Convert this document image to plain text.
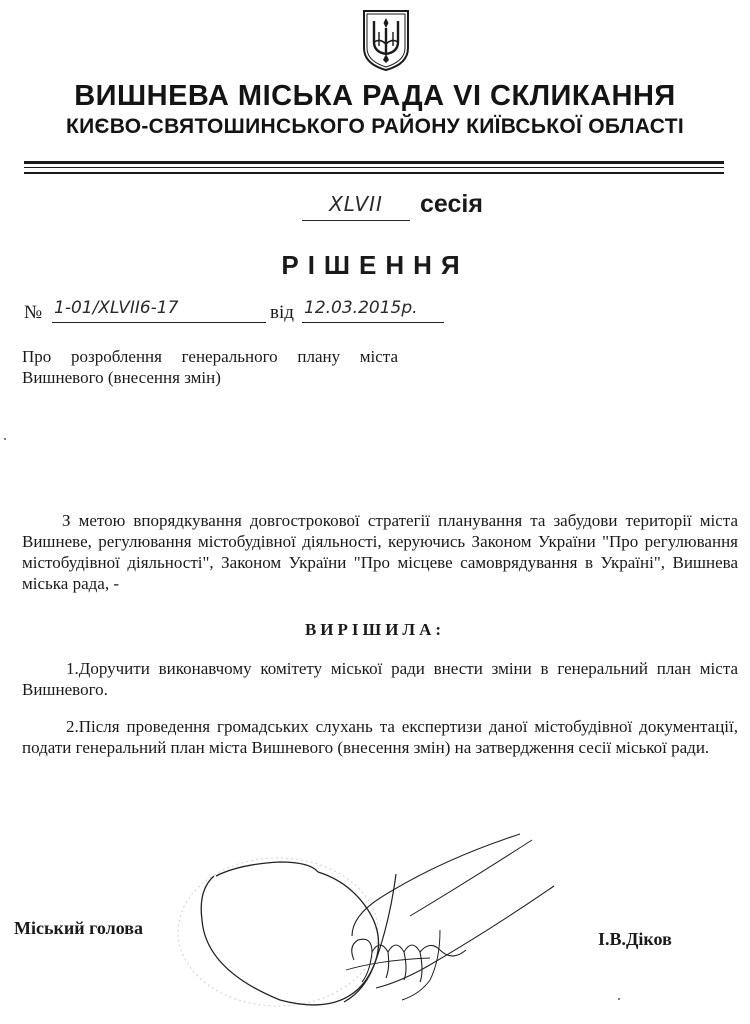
ВИШНЕВА МІСЬКА РАДА VI СКЛИКАННЯ
КИЄВО-СВЯТОШИНСЬКОГО РАЙОНУ КИЇВСЬКОЇ ОБЛАСТІ
XLVII	сесія
РІШЕННЯ
№ 1-01/XLVII6-17	від 12.03.2015р.
Про розроблення генерального плану міста Вишневого (внесення змін)
З метою впорядкування довгострокової стратегії планування та забудови території міста Вишневе, регулювання містобудівної діяльності, керуючись Законом України "Про регулювання містобудівної діяльності", Законом України "Про місцеве самоврядування в Україні", Вишнева міська рада, -
ВИРІШИЛА:
1.Доручити виконавчому комітету міської ради внести зміни в генеральний план міста Вишневого.
2.Після проведення громадських слухань та експертизи даної містобудівної документації, подати генеральний план міста Вишневого (внесення змін) на затвердження сесії міської ради.
Міський голова
І.В.Діков
